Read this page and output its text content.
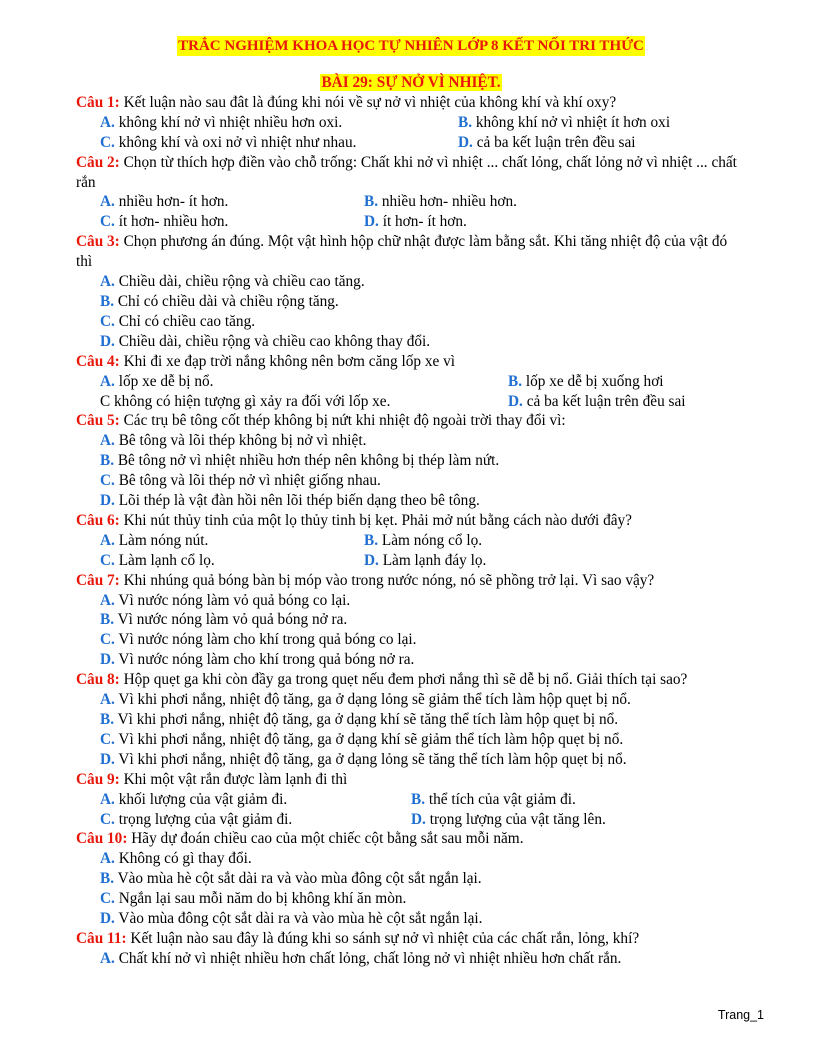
TRẮC NGHIỆM KHOA HỌC TỰ NHIÊN LỚP 8 KẾT NỐI TRI THỨC
BÀI 29: SỰ NỞ VÌ NHIỆT.
Câu 1: Kết luận nào sau đât là đúng khi nói về sự nở vì nhiệt của không khí và khí oxy?
A. không khí nở vì nhiệt nhiều hơn oxi.	B. không khí nở vì nhiệt ít hơn oxi
C. không khí và oxi nở vì nhiệt như nhau.	D. cả ba kết luận trên đều sai
Câu 2: Chọn từ thích hợp điền vào chỗ trống: Chất khi nở vì nhiệt ... chất lỏng, chất lỏng nở vì nhiệt ... chất rắn
A. nhiều hơn- ít hơn.	B. nhiều hơn- nhiều hơn.
C. ít hơn- nhiều hơn.	D. ít hơn- ít hơn.
Câu 3: Chọn phương án đúng. Một vật hình hộp chữ nhật được làm bằng sắt. Khi tăng nhiệt độ của vật đó thì
A. Chiều dài, chiều rộng và chiều cao tăng.
B. Chỉ có chiều dài và chiều rộng tăng.
C. Chỉ có chiều cao tăng.
D. Chiều dài, chiều rộng và chiều cao không thay đổi.
Câu 4: Khi đi xe đạp trời nắng không nên bơm căng lốp xe vì
A. lốp xe dễ bị nổ.	B. lốp xe dễ bị xuống hơi
C không có hiện tượng gì xảy ra đối với lốp xe.	D. cả ba kết luận trên đều sai
Câu 5: Các trụ bê tông cốt thép không bị nứt khi nhiệt độ ngoài trời thay đổi vì:
A. Bê tông và lõi thép không bị nở vì nhiệt.
B. Bê tông nở vì nhiệt nhiều hơn thép nên không bị thép làm nứt.
C. Bê tông và lõi thép nở vì nhiệt giống nhau.
D. Lõi thép là vật đàn hồi nên lõi thép biến dạng theo bê tông.
Câu 6: Khi nút thủy tinh của một lọ thủy tinh bị kẹt. Phải mở nút bằng cách nào dưới đây?
A. Làm nóng nút.	B. Làm nóng cổ lọ.
C. Làm lạnh cổ lọ.	D. Làm lạnh đáy lọ.
Câu 7: Khi nhúng quả bóng bàn bị móp vào trong nước nóng, nó sẽ phồng trở lại. Vì sao vậy?
A. Vì nước nóng làm vỏ quả bóng co lại.
B. Vì nước nóng làm vỏ quả bóng nở ra.
C. Vì nước nóng làm cho khí trong quả bóng co lại.
D. Vì nước nóng làm cho khí trong quả bóng nở ra.
Câu 8: Hộp quẹt ga khi còn đầy ga trong quẹt nếu đem phơi nắng thì sẽ dễ bị nổ. Giải thích tại sao?
A. Vì khi phơi nắng, nhiệt độ tăng, ga ở dạng lỏng sẽ giảm thể tích làm hộp quẹt bị nổ.
B. Vì khi phơi nắng, nhiệt độ tăng, ga ở dạng khí sẽ tăng thể tích làm hộp quẹt bị nổ.
C. Vì khi phơi nắng, nhiệt độ tăng, ga ở dạng khí sẽ giảm thể tích làm hộp quẹt bị nổ.
D. Vì khi phơi nắng, nhiệt độ tăng, ga ở dạng lỏng sẽ tăng thể tích làm hộp quẹt bị nổ.
Câu 9: Khi một vật rắn được làm lạnh đi thì
A. khối lượng của vật giảm đi.	B. thể tích của vật giảm đi.
C. trọng lượng của vật giảm đi.	D. trọng lượng của vật tăng lên.
Câu 10: Hãy dự đoán chiều cao của một chiếc cột bằng sắt sau mỗi năm.
A. Không có gì thay đổi.
B. Vào mùa hè cột sắt dài ra và vào mùa đông cột sắt ngắn lại.
C. Ngắn lại sau mỗi năm do bị không khí ăn mòn.
D. Vào mùa đông cột sắt dài ra và vào mùa hè cột sắt ngắn lại.
Câu 11: Kết luận nào sau đây là đúng khi so sánh sự nở vì nhiệt của các chất rắn, lỏng, khí?
A. Chất khí nở vì nhiệt nhiều hơn chất lỏng, chất lỏng nở vì nhiệt nhiều hơn chất rắn.
Trang_1
